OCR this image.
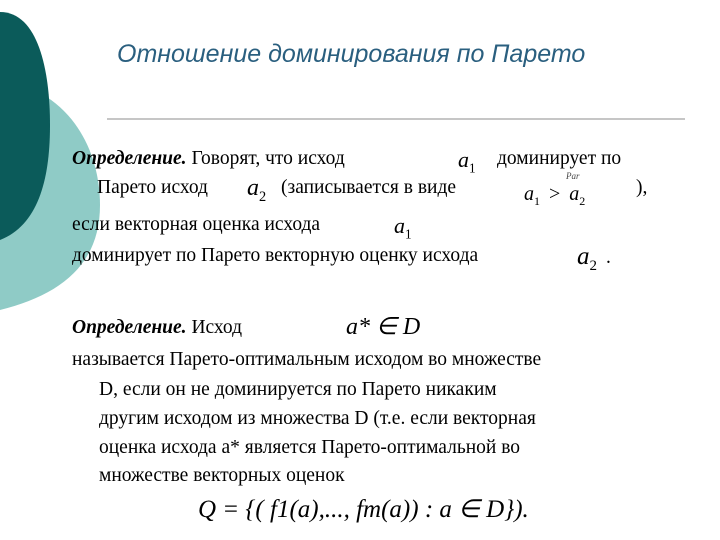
Отношение доминирования по Парето
Определение. Говорят, что исход	$a_1$ доминирует по
Парето исход $a_2$ (записывается в виде	$a_1 > a_2$
Par
),
если векторная оценка исхода	$a_1$
доминирует по Парето векторную оценку исхода	$a_2$ .
Определение. Исход	a* ∈ D
называется Парето-оптимальным исходом во множестве
D, если он не доминируется по Парето никаким
другим исходом из множества D (т.е. если векторная
оценка исхода a* является Парето-оптимальной во
множестве векторных оценок
Q = {( f1(a),..., fm(a)) : a ∈ D}).
